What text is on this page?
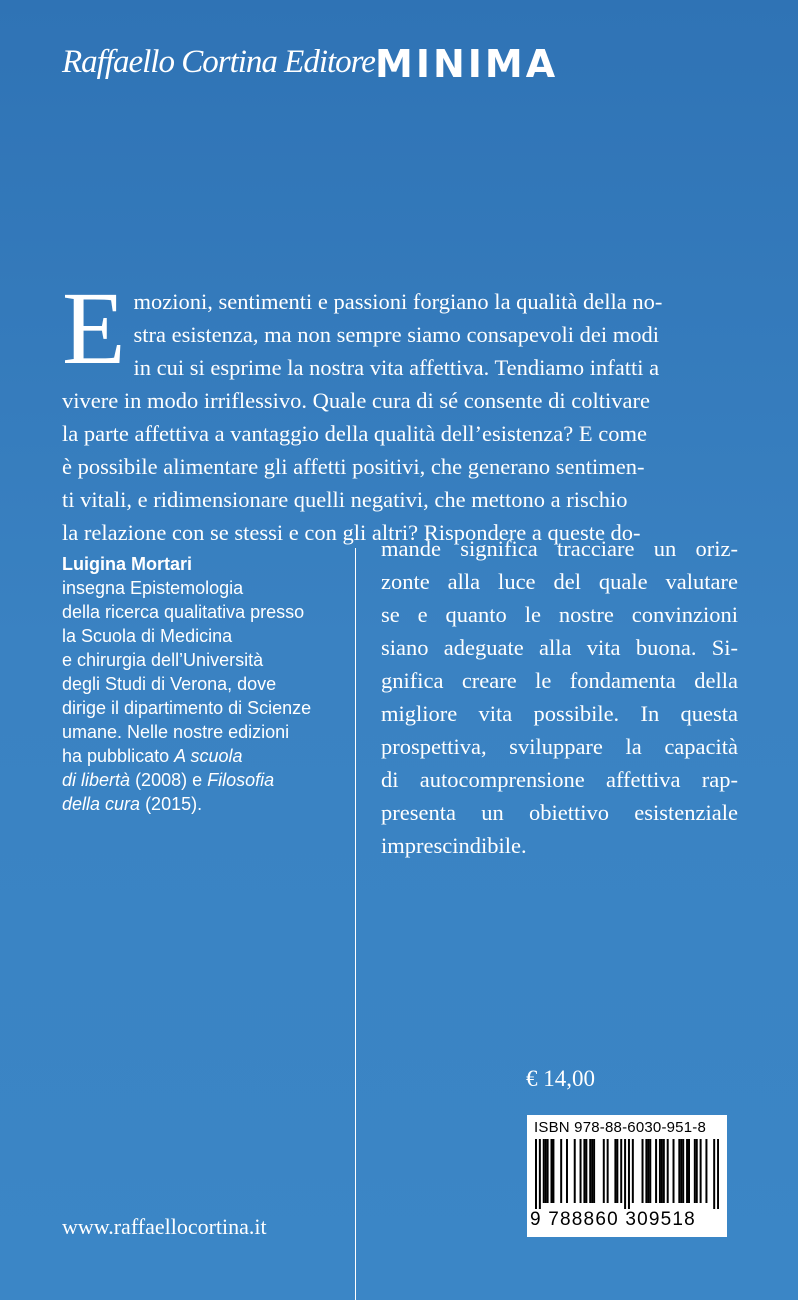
Raffaello Cortina Editore MINIMA
E mozioni, sentimenti e passioni forgiano la qualità della no-
stra esistenza, ma non sempre siamo consapevoli dei modi
in cui si esprime la nostra vita affettiva. Tendiamo infatti a
vivere in modo irriflessivo. Quale cura di sé consente di coltivare
la parte affettiva a vantaggio della qualità dell’esistenza? E come
è possibile alimentare gli affetti positivi, che generano sentimen-
ti vitali, e ridimensionare quelli negativi, che mettono a rischio
la relazione con se stessi e con gli altri? Rispondere a queste do-
Luigina Mortari
insegna Epistemologia
della ricerca qualitativa presso
la Scuola di Medicina
e chirurgia dell’Università
degli Studi di Verona, dove
dirige il dipartimento di Scienze
umane. Nelle nostre edizioni
ha pubblicato A scuola
di libertà (2008) e Filosofia
della cura (2015).
mande significa tracciare un oriz-
zonte alla luce del quale valutare
se e quanto le nostre convinzioni
siano adeguate alla vita buona. Si-
gnifica creare le fondamenta della
migliore vita possibile. In questa
prospettiva, sviluppare la capacità
di autocomprensione affettiva rap-
presenta un obiettivo esistenziale
imprescindibile.
€ 14,00
ISBN 978-88-6030-951-8
9 788860 309518
www.raffaellocortina.it
